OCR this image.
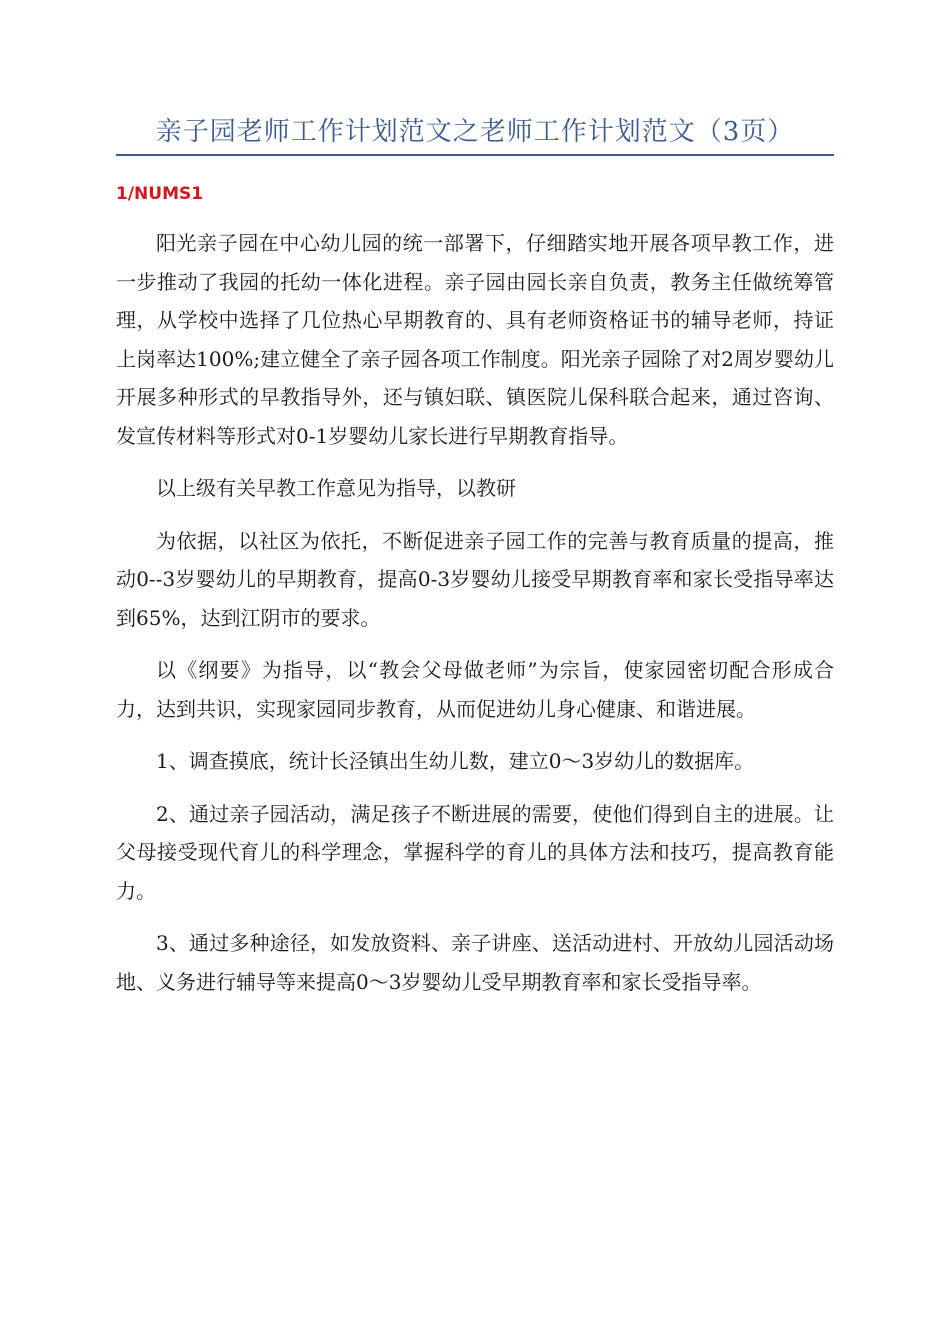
亲子园老师工作计划范文之老师工作计划范文（3页）
1/NUMS1

阳光亲子园在中心幼儿园的统一部署下，仔细踏实地开展各项早教工作，进一步推动了我园的托幼一体化进程。亲子园由园长亲自负责，教务主任做统筹管理，从学校中选择了几位热心早期教育的、具有老师资格证书的辅导老师，持证上岗率达100%;建立健全了亲子园各项工作制度。阳光亲子园除了对2周岁婴幼儿开展多种形式的早教指导外，还与镇妇联、镇医院儿保科联合起来，通过咨询、发宣传材料等形式对0-1岁婴幼儿家长进行早期教育指导。

以上级有关早教工作意见为指导，以教研

为依据，以社区为依托，不断促进亲子园工作的完善与教育质量的提高，推动0--3岁婴幼儿的早期教育，提高0-3岁婴幼儿接受早期教育率和家长受指导率达到65%，达到江阴市的要求。

以《纲要》为指导，以“教会父母做老师”为宗旨，使家园密切配合形成合力，达到共识，实现家园同步教育，从而促进幼儿身心健康、和谐进展。

1、调查摸底，统计长泾镇出生幼儿数，建立0～3岁幼儿的数据库。

2、通过亲子园活动，满足孩子不断进展的需要，使他们得到自主的进展。让父母接受现代育儿的科学理念，掌握科学的育儿的具体方法和技巧，提高教育能力。

3、通过多种途径，如发放资料、亲子讲座、送活动进村、开放幼儿园活动场地、义务进行辅导等来提高0～3岁婴幼儿受早期教育率和家长受指导率。
